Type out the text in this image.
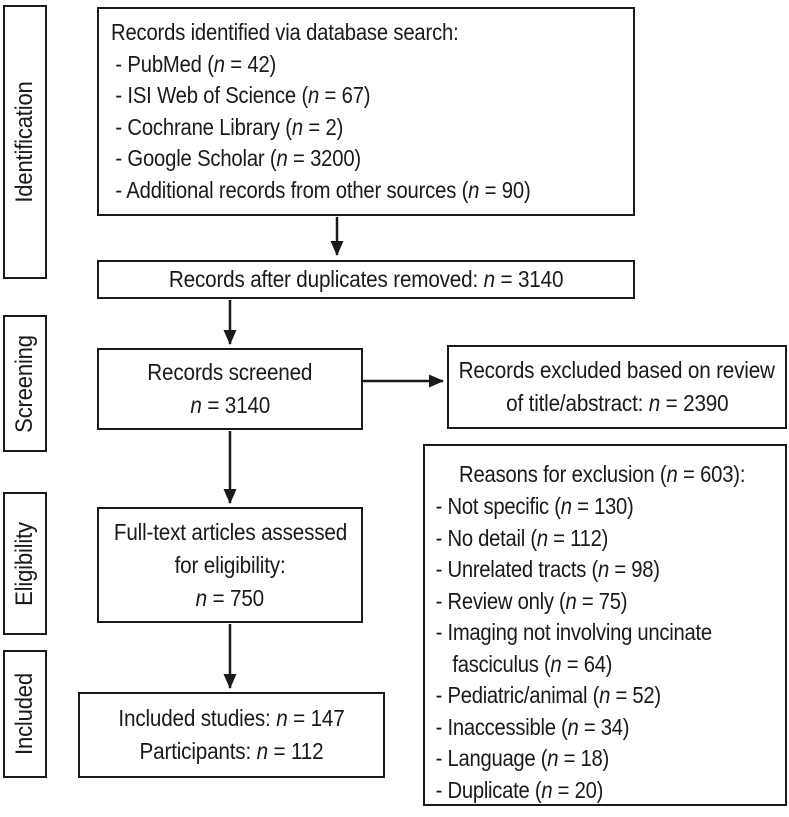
Identification
Screening
Eligibility
Included
Records identified via database search:
- PubMed (n = 42)
- ISI Web of Science (n = 67)
- Cochrane Library (n = 2)
- Google Scholar (n = 3200)
- Additional records from other sources (n = 90)
Records after duplicates removed: n = 3140
Records screened
n = 3140
Records excluded based on review
of title/abstract: n = 2390
Reasons for exclusion (n = 603):
- Not specific (n = 130)
- No detail (n = 112)
- Unrelated tracts (n = 98)
- Review only (n = 75)
- Imaging not involving uncinate fasciculus (n = 64)
- Pediatric/animal (n = 52)
- Inaccessible (n = 34)
- Language (n = 18)
- Duplicate (n = 20)
Full-text articles assessed
for eligibility:
n = 750
Included studies: n = 147
Participants: n = 112
